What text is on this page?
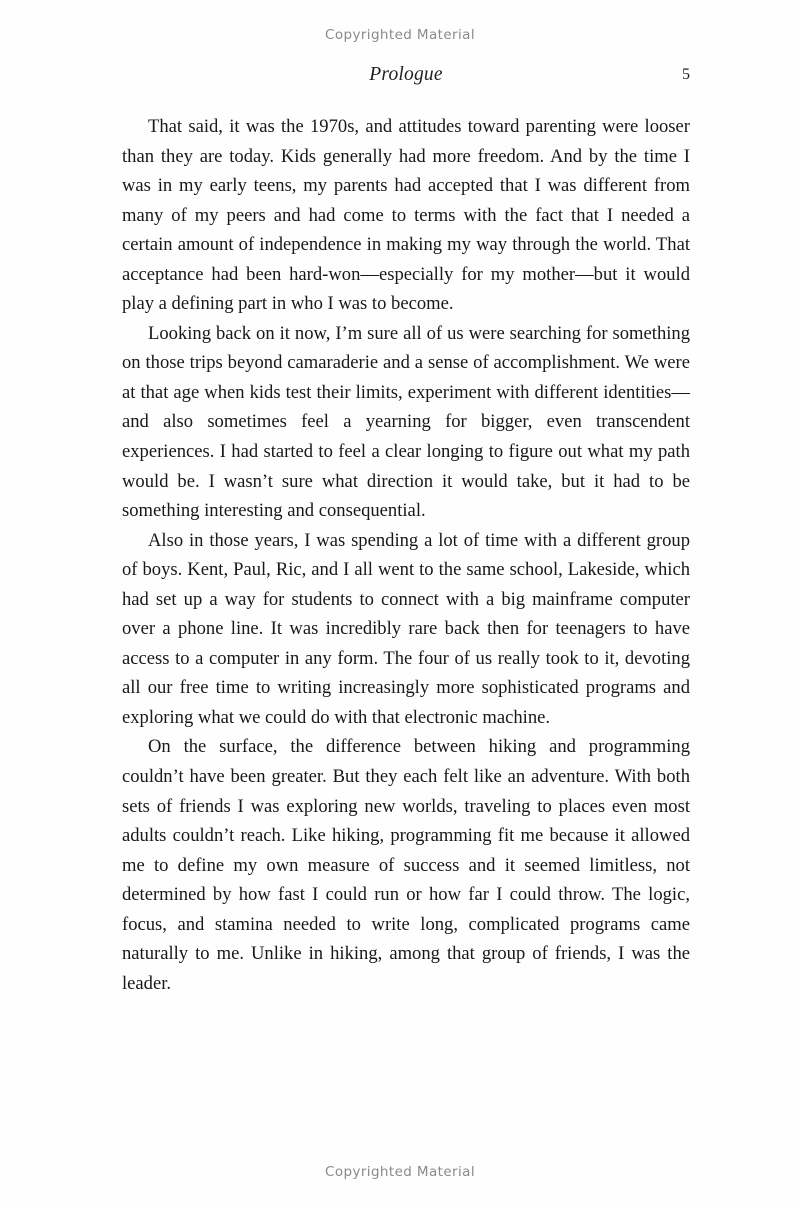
Copyrighted Material
Prologue	5

That said, it was the 1970s, and attitudes toward parenting were looser than they are today. Kids generally had more freedom. And by the time I was in my early teens, my parents had accepted that I was different from many of my peers and had come to terms with the fact that I needed a certain amount of independence in making my way through the world. That acceptance had been hard-won—especially for my mother—but it would play a defining part in who I was to become.

Looking back on it now, I’m sure all of us were searching for something on those trips beyond camaraderie and a sense of accomplishment. We were at that age when kids test their limits, experiment with different identities—and also sometimes feel a yearning for bigger, even transcendent experiences. I had started to feel a clear longing to figure out what my path would be. I wasn’t sure what direction it would take, but it had to be something interesting and consequential.

Also in those years, I was spending a lot of time with a different group of boys. Kent, Paul, Ric, and I all went to the same school, Lakeside, which had set up a way for students to connect with a big mainframe computer over a phone line. It was incredibly rare back then for teenagers to have access to a computer in any form. The four of us really took to it, devoting all our free time to writing increasingly more sophisticated programs and exploring what we could do with that electronic machine.

On the surface, the difference between hiking and programming couldn’t have been greater. But they each felt like an adventure. With both sets of friends I was exploring new worlds, traveling to places even most adults couldn’t reach. Like hiking, programming fit me because it allowed me to define my own measure of success and it seemed limitless, not determined by how fast I could run or how far I could throw. The logic, focus, and stamina needed to write long, complicated programs came naturally to me. Unlike in hiking, among that group of friends, I was the leader.

Copyrighted Material
